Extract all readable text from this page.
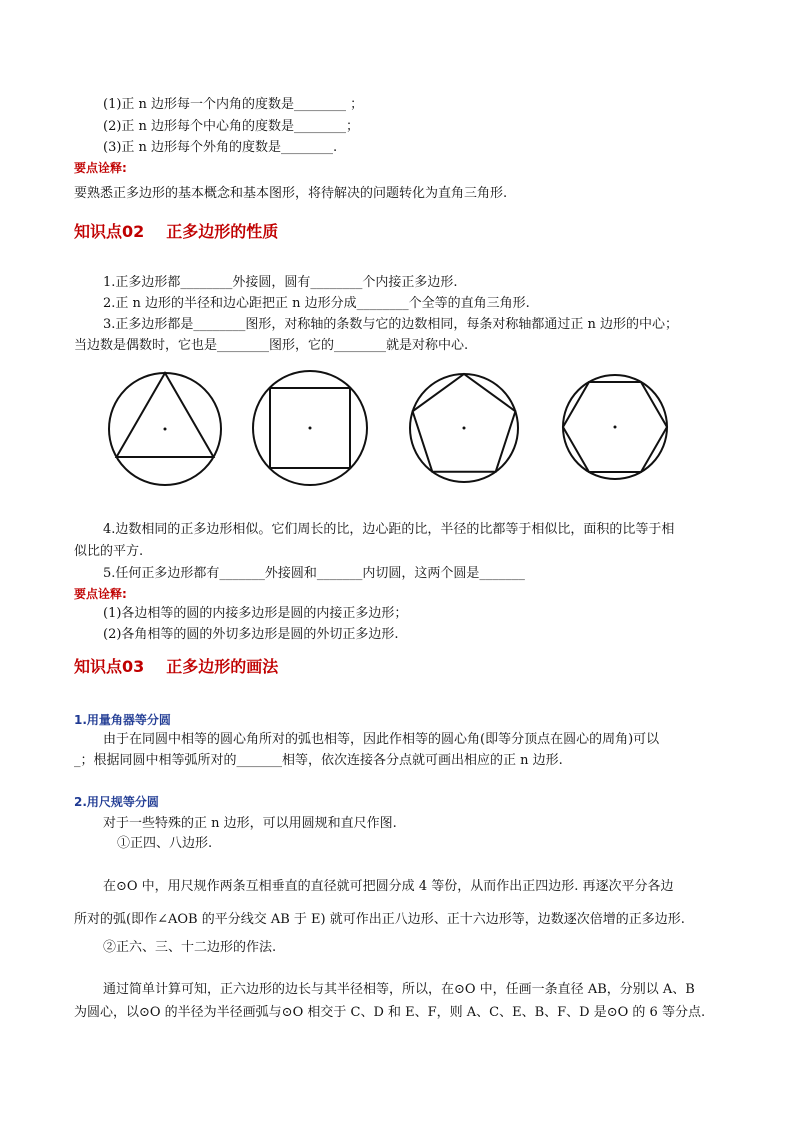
(1)正 n 边形每一个内角的度数是________ ；
(2)正 n 边形每个中心角的度数是________；
(3)正 n 边形每个外角的度数是________.
要点诠释:
要熟悉正多边形的基本概念和基本图形，将待解决的问题转化为直角三角形.
知识点02 正多边形的性质
1.正多边形都________外接圆，圆有________个内接正多边形.
2.正 n 边形的半径和边心距把正 n 边形分成________个全等的直角三角形.
3.正多边形都是________图形，对称轴的条数与它的边数相同，每条对称轴都通过正 n 边形的中心；
当边数是偶数时，它也是________图形，它的________就是对称中心.
4.边数相同的正多边形相似。它们周长的比，边心距的比，半径的比都等于相似比，面积的比等于相
似比的平方.
5.任何正多边形都有_______外接圆和_______内切圆，这两个圆是_______
要点诠释:
(1)各边相等的圆的内接多边形是圆的内接正多边形；
(2)各角相等的圆的外切多边形是圆的外切正多边形.
知识点03 正多边形的画法
1.用量角器等分圆
由于在同圆中相等的圆心角所对的弧也相等，因此作相等的圆心角(即等分顶点在圆心的周角)可以
_；根据同圆中相等弧所对的_______相等，依次连接各分点就可画出相应的正 n 边形.
2.用尺规等分圆
对于一些特殊的正 n 边形，可以用圆规和直尺作图.
①正四、八边形.
在⊙O 中，用尺规作两条互相垂直的直径就可把圆分成 4 等份，从而作出正四边形. 再逐次平分各边
所对的弧(即作∠AOB 的平分线交 AB 于 E) 就可作出正八边形、正十六边形等，边数逐次倍增的正多边形.
②正六、三、十二边形的作法.
通过简单计算可知，正六边形的边长与其半径相等，所以，在⊙O 中，任画一条直径 AB，分别以 A、B
为圆心，以⊙O 的半径为半径画弧与⊙O 相交于 C、D 和 E、F，则 A、C、E、B、F、D 是⊙O 的 6 等分点.
